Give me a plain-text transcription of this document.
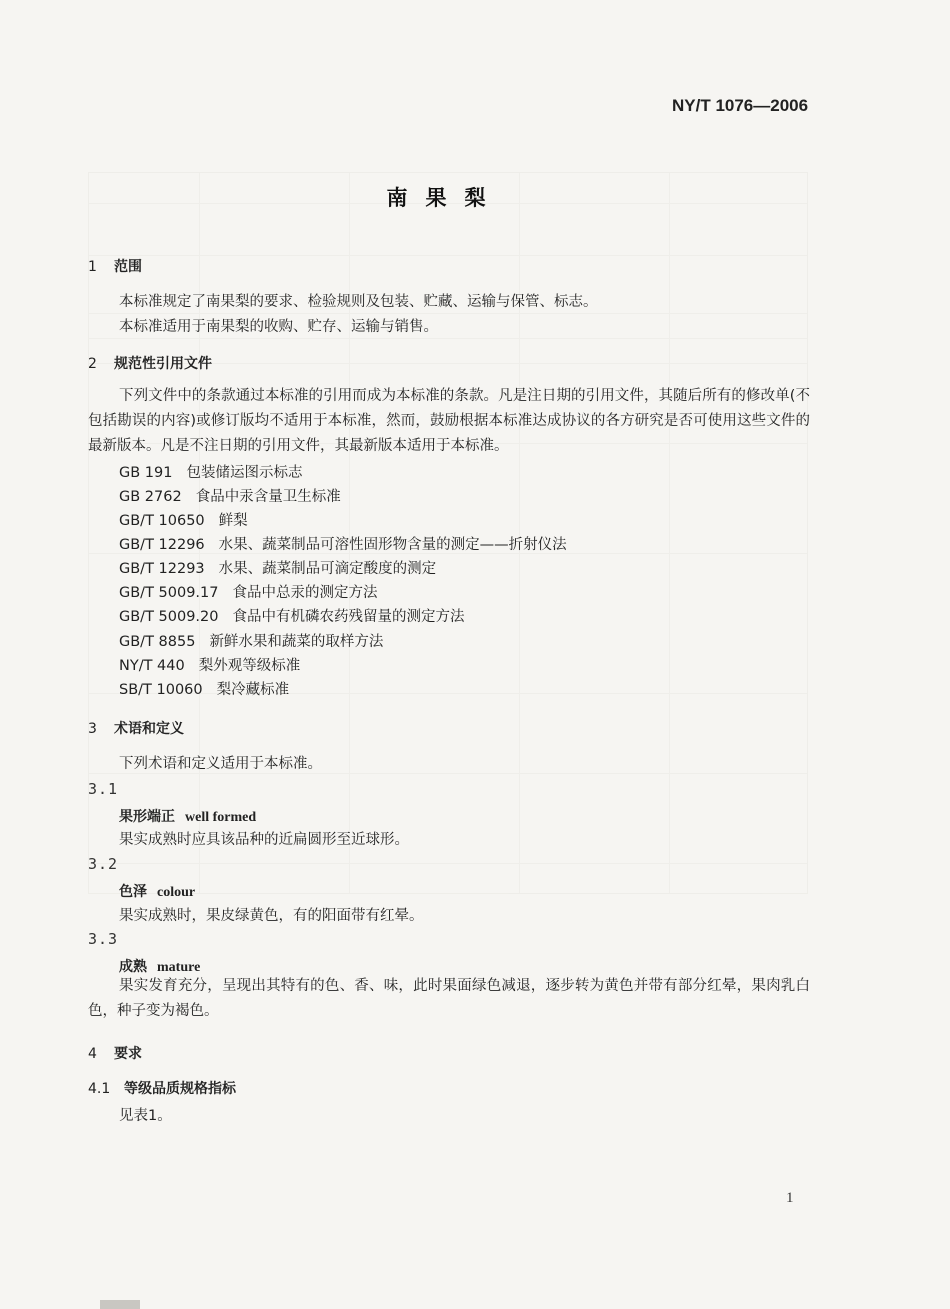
NY/T 1076—2006
南果梨
1 范围
本标准规定了南果梨的要求、检验规则及包装、贮藏、运输与保管、标志。
本标准适用于南果梨的收购、贮存、运输与销售。
2 规范性引用文件
下列文件中的条款通过本标准的引用而成为本标准的条款。凡是注日期的引用文件，其随后所有的修改单(不包括勘误的内容)或修订版均不适用于本标准，然而，鼓励根据本标准达成协议的各方研究是否可使用这些文件的最新版本。凡是不注日期的引用文件，其最新版本适用于本标准。
GB 191 包装储运图示标志
GB 2762 食品中汞含量卫生标准
GB/T 10650 鲜梨
GB/T 12296 水果、蔬菜制品可溶性固形物含量的测定——折射仪法
GB/T 12293 水果、蔬菜制品可滴定酸度的测定
GB/T 5009.17 食品中总汞的测定方法
GB/T 5009.20 食品中有机磷农药残留量的测定方法
GB/T 8855 新鲜水果和蔬菜的取样方法
NY/T 440 梨外观等级标准
SB/T 10060 梨冷藏标准
3 术语和定义
下列术语和定义适用于本标准。
3.1
果形端正 well formed
果实成熟时应具该品种的近扁圆形至近球形。
3.2
色泽 colour
果实成熟时，果皮绿黄色，有的阳面带有红晕。
3.3
成熟 mature
果实发育充分，呈现出其特有的色、香、味，此时果面绿色减退，逐步转为黄色并带有部分红晕，果肉乳白色，种子变为褐色。
4 要求
4.1 等级品质规格指标
见表1。
1
